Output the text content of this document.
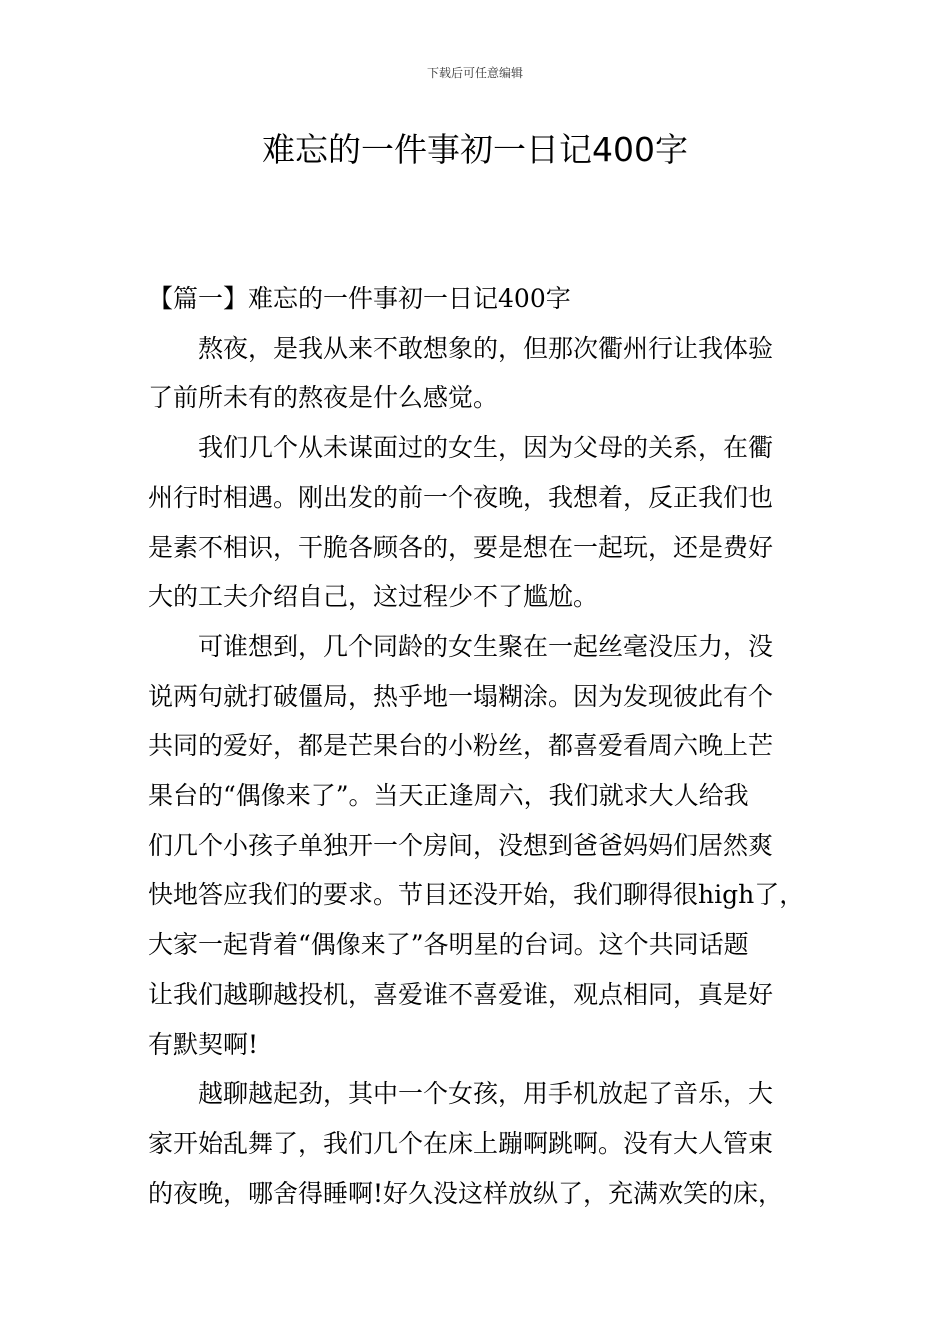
下载后可任意编辑
难忘的一件事初一日记400字

【篇一】难忘的一件事初一日记400字

熬夜，是我从来不敢想象的，但那次衢州行让我体验
了前所未有的熬夜是什么感觉。

我们几个从未谋面过的女生，因为父母的关系，在衢
州行时相遇。刚出发的前一个夜晚，我想着，反正我们也
是素不相识，干脆各顾各的，要是想在一起玩，还是费好
大的工夫介绍自己，这过程少不了尴尬。

可谁想到，几个同龄的女生聚在一起丝毫没压力，没
说两句就打破僵局，热乎地一塌糊涂。因为发现彼此有个
共同的爱好，都是芒果台的小粉丝，都喜爱看周六晚上芒
果台的“偶像来了”。当天正逢周六，我们就求大人给我
们几个小孩子单独开一个房间，没想到爸爸妈妈们居然爽
快地答应我们的要求。节目还没开始，我们聊得很high了，
大家一起背着“偶像来了”各明星的台词。这个共同话题
让我们越聊越投机，喜爱谁不喜爱谁，观点相同，真是好
有默契啊!

越聊越起劲，其中一个女孩，用手机放起了音乐，大
家开始乱舞了，我们几个在床上蹦啊跳啊。没有大人管束
的夜晚，哪舍得睡啊!好久没这样放纵了，充满欢笑的床，
